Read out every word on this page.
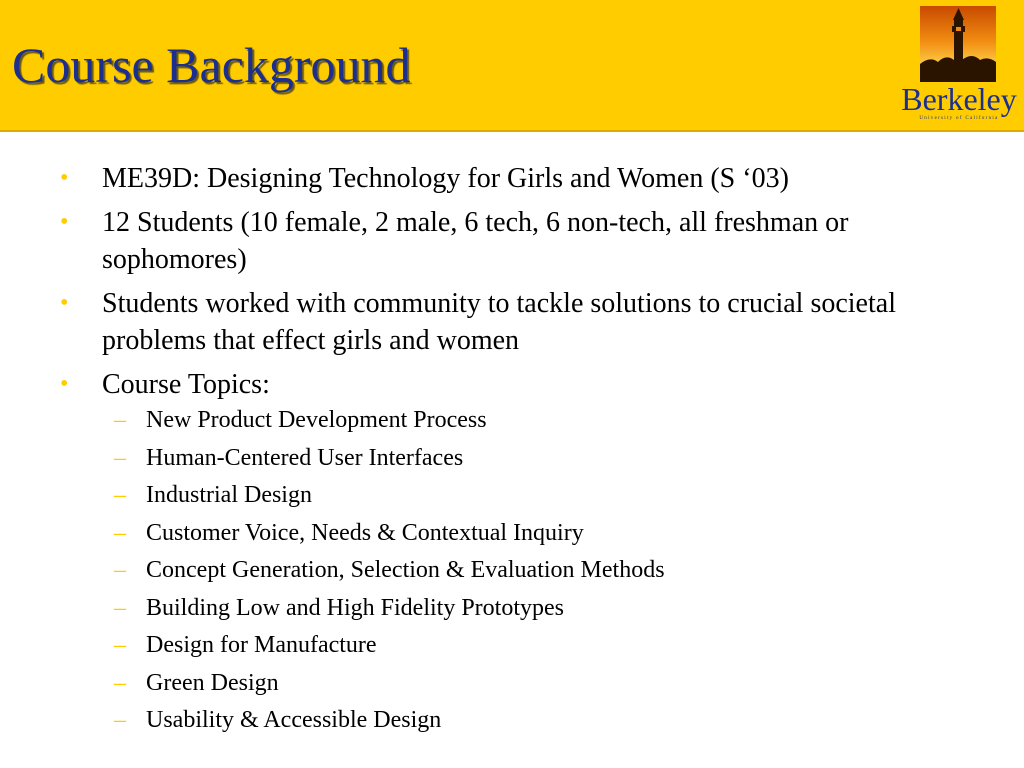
Course Background
Berkeley
University of California
• ME39D: Designing Technology for Girls and Women (S ‘03)
• 12 Students (10 female, 2 male, 6 tech, 6 non-tech, all freshman or sophomores)
• Students worked with community to tackle solutions to crucial societal problems that effect girls and women
• Course Topics:
– New Product Development Process
– Human-Centered User Interfaces
– Industrial Design
– Customer Voice, Needs & Contextual Inquiry
– Concept Generation, Selection & Evaluation Methods
– Building Low and High Fidelity Prototypes
– Design for Manufacture
– Green Design
– Usability & Accessible Design
